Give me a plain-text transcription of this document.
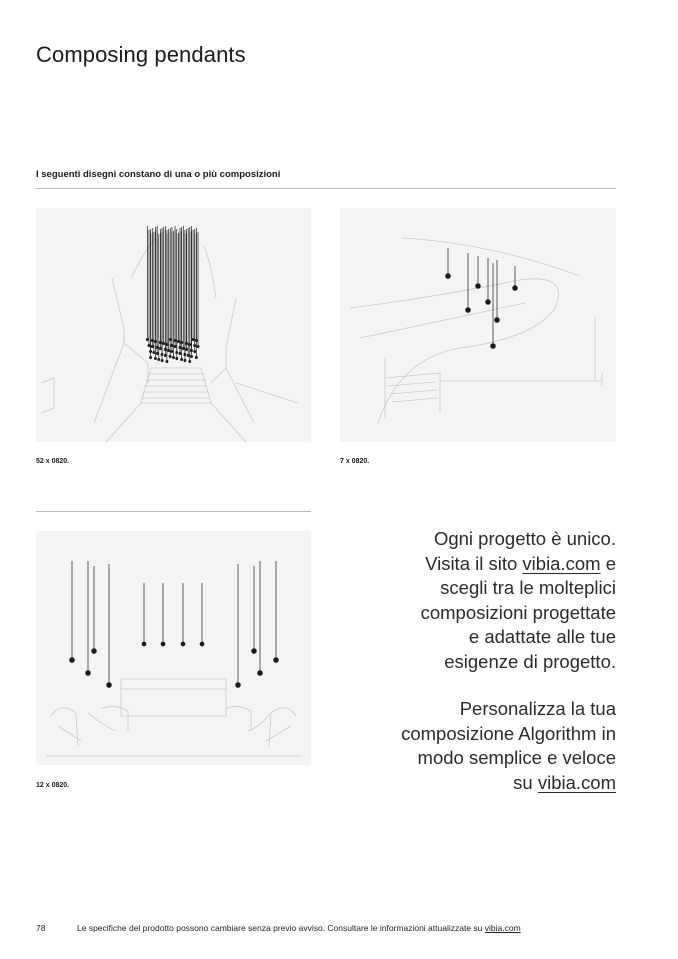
Composing pendants
I seguenti disegni constano di una o più composizioni
52 x 0820.	7 x 0820.
12 x 0820.
Ogni progetto è unico.
Visita il sito vibia.com e
scegli tra le molteplici
composizioni progettate
e adattate alle tue
esigenze di progetto.
Personalizza la tua
composizione Algorithm in
modo semplice e veloce
su vibia.com
78	Le specifiche del prodotto possono cambiare senza previo avviso. Consultare le informazioni attualizzate su vibia.com
